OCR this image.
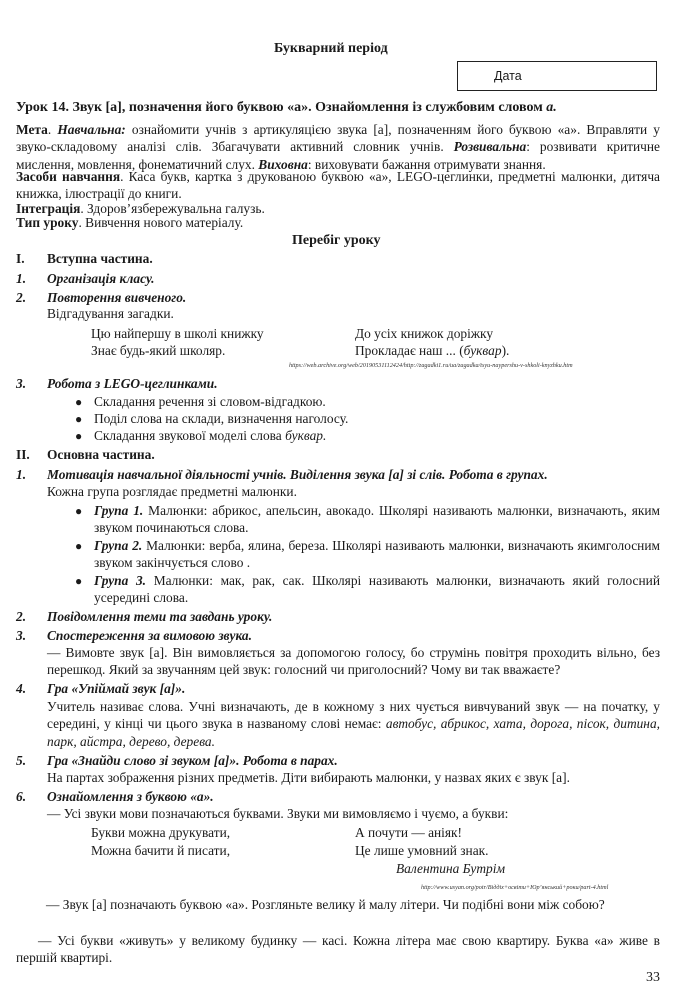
Букварний період
Дата
Урок 14. Звук [а], позначення його буквою «а». Ознайомлення із службовим словом а.
Мета. Навчальна: ознайомити учнів з артикуляцією звука [а], позначенням його буквою «а». Вправляти у звуко-складовому аналізі слів. Збагачувати активний словник учнів. Розвивальна: розвивати критичне мислення, мовлення, фонематичний слух. Виховна: виховувати бажання отримувати знання.
Засоби навчання. Каса букв, картка з друкованою буквою «а», LEGO-цеглинки, предметні малюнки, дитяча книжка, ілюстрації до книги.
Інтеграція. Здоров’язбережувальна галузь.
Тип уроку. Вивчення нового матеріалу.
Перебіг уроку
I. Вступна частина.
1. Організація класу.
2. Повторення вивченого.
Відгадування загадки.
Цю найпершу в школі книжку
Знає будь-який школяр.
До усіх книжок доріжку
Прокладає наш ... (буквар).
https://web.archive.org/web/20190531112424/http://zagadki1.ru/ua/zagadka/tsyu-naypershu-v-shkoli-knyzhku.htm
3. Робота з LEGO-цеглинками.
● Складання речення зі словом-відгадкою.
● Поділ слова на склади, визначення наголосу.
● Складання звукової моделі слова буквар.
II. Основна частина.
1. Мотивація навчальної діяльності учнів. Виділення звука [а] зі слів. Робота в групах.
Кожна група розглядає предметні малюнки.
● Група 1. Малюнки: абрикос, апельсин, авокадо. Школярі називають малюнки, визначають, яким звуком починаються слова.
● Група 2. Малюнки: верба, ялина, береза. Школярі називають малюнки, визначають якимголосним звуком закінчується слово .
● Група 3. Малюнки: мак, рак, сак. Школярі називають малюнки, визначають який голосний усередині слова.
2. Повідомлення теми та завдань уроку.
3. Спостереження за вимовою звука.
— Вимовте звук [а]. Він вимовляється за допомогою голосу, бо струмінь повітря проходить вільно, без перешкод. Який за звучанням цей звук: голосний чи приголосний? Чому ви так вважаєте?
4. Гра «Упіймай звук [а]».
Учитель називає слова. Учні визначають, де в кожному з них чується вивчуваний звук — на початку, у середині, у кінці чи цього звука в названому слові немає: автобус, абрикос, хата, дорога, пісок, дитина, парк, айстра, дерево, дерева.
5. Гра «Знайди слово зі звуком [а]». Робота в парах.
На партах зображення різних предметів. Діти вибирають малюнки, у назвах яких є звук [а].
6. Ознайомлення з буквою «а».
— Усі звуки мови позначаються буквами. Звуки ми вимовляємо і чуємо, а букви:
Букви можна друкувати,
Можна бачити й писати,
А почути — аніяк!
Це лише умовний знак.
Валентина Бутрім
http://www.usyan.org/potr/Віддіх+освіти+Юр’янський+роки/part-4.html
— Звук [а] позначають буквою «а». Розгляньте велику й малу літери. Чи подібні вони між собою?
— Усі букви «живуть» у великому будинку — касі. Кожна літера має свою квартиру. Буква «а» живе в першій квартирі.
33
